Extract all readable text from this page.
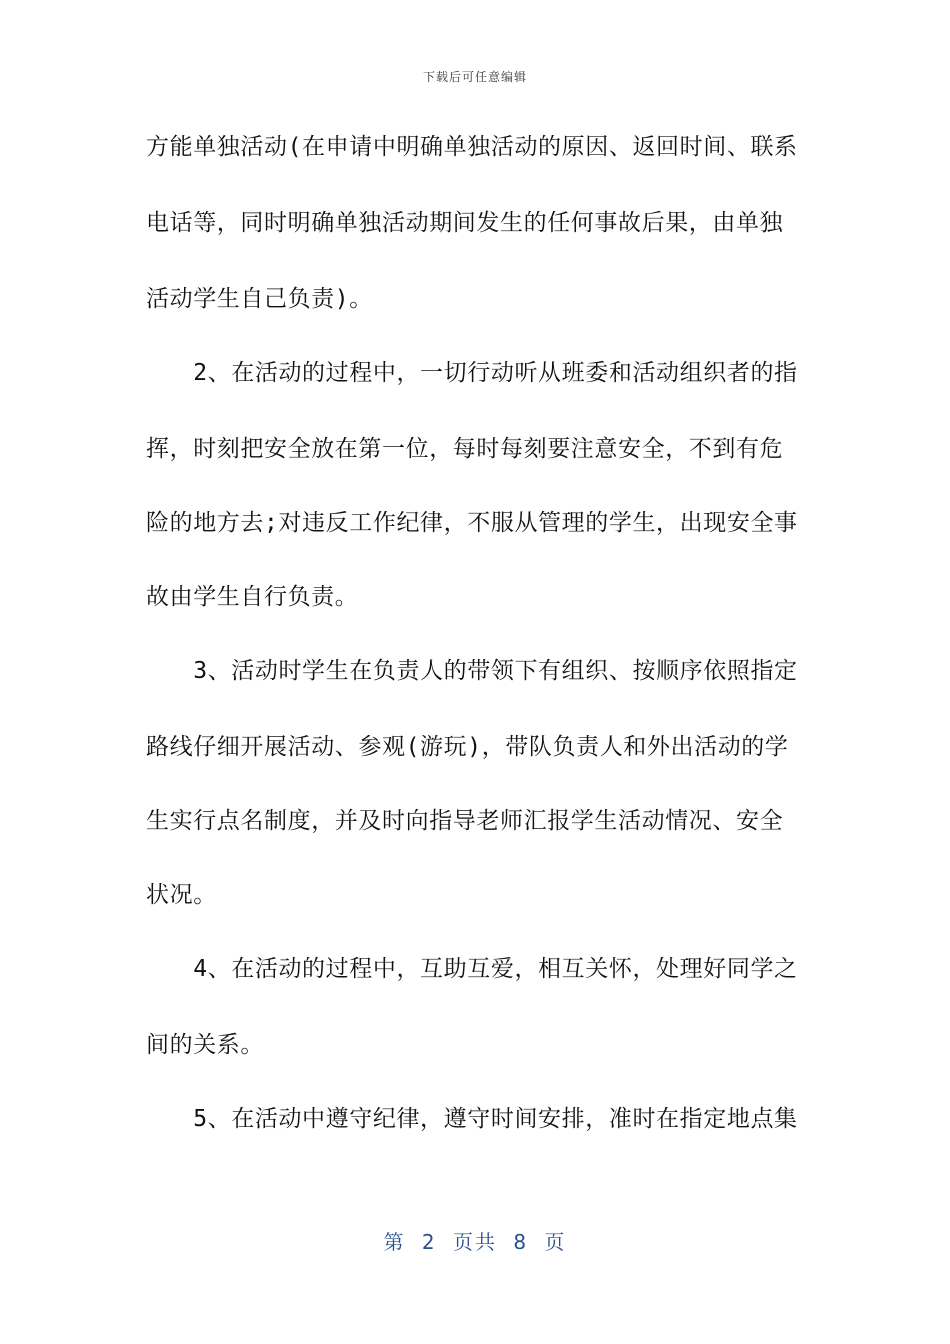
下载后可任意编辑
方能单独活动(在申请中明确单独活动的原因、返回时间、联系
电话等，同时明确单独活动期间发生的任何事故后果，由单独
活动学生自己负责)。
　　2、在活动的过程中，一切行动听从班委和活动组织者的指
挥，时刻把安全放在第一位，每时每刻要注意安全，不到有危
险的地方去;对违反工作纪律，不服从管理的学生，出现安全事
故由学生自行负责。
　　3、活动时学生在负责人的带领下有组织、按顺序依照指定
路线仔细开展活动、参观(游玩)，带队负责人和外出活动的学
生实行点名制度，并及时向指导老师汇报学生活动情况、安全
状况。
　　4、在活动的过程中，互助互爱，相互关怀，处理好同学之
间的关系。
　　5、在活动中遵守纪律，遵守时间安排，准时在指定地点集
第 2 页共 8 页
